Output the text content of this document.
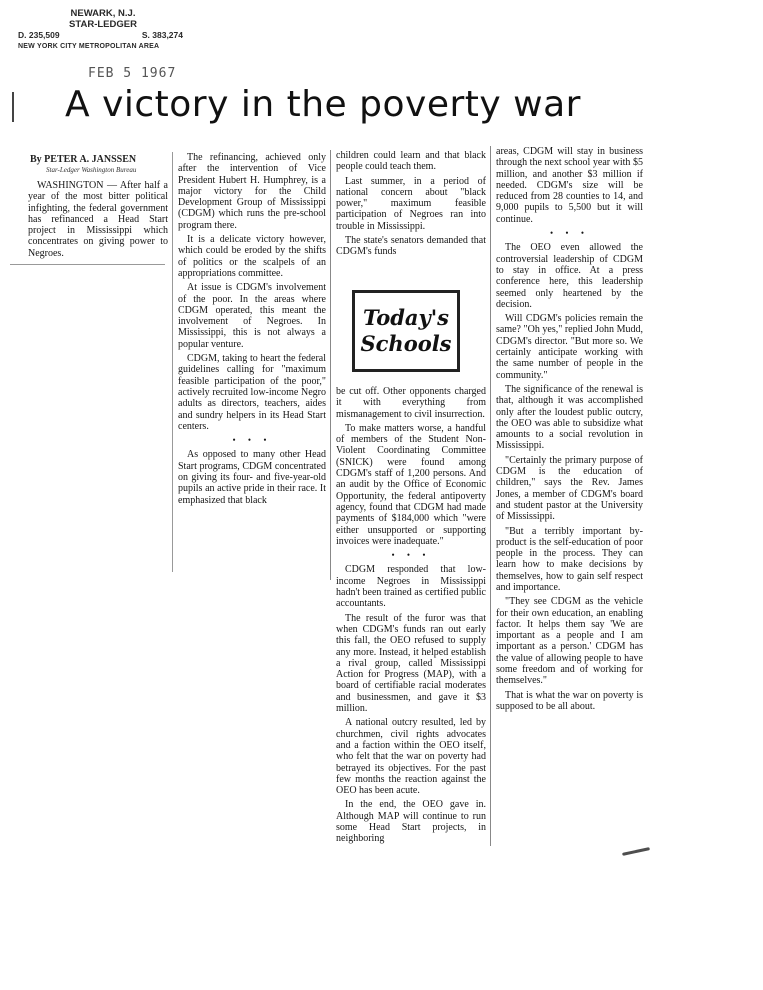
NEWARK, N.J.
STAR-LEDGER
D. 235,509	S. 383,274
NEW YORK CITY METROPOLITAN AREA
FEB 5 1967
A victory in the poverty war
By PETER A. JANSSEN
Star-Ledger Washington Bureau

WASHINGTON — After half a year of the most bitter political infighting, the federal government has refinanced a Head Start project in Mississippi which concentrates on giving power to Negroes.

The refinancing, achieved only after the intervention of Vice President Hubert H. Humphrey, is a major victory for the Child Development Group of Mississippi (CDGM) which runs the pre-school program there.

It is a delicate victory however, which could be eroded by the shifts of politics or the scalpels of an appropriations committee.

At issue is CDGM's involvement of the poor. In the areas where CDGM operated, this meant the involvement of Negroes. In Mississippi, this is not always a popular venture.

CDGM, taking to heart the federal guidelines calling for "maximum feasible participation of the poor," actively recruited low-income Negro adults as directors, teachers, aides and sundry helpers in its Head Start centers.

• • •

As opposed to many other Head Start programs, CDGM concentrated on giving its four- and five-year-old pupils an active pride in their race. It emphasized that black

children could learn and that black people could teach them.

Last summer, in a period of national concern about "black power," maximum feasible participation of Negroes ran into trouble in Mississippi.

The state's senators demanded that CDGM's funds

Today's
Schools

be cut off. Other opponents charged it with everything from mismanagement to civil insurrection.

To make matters worse, a handful of members of the Student Non-Violent Coordinating Committee (SNICK) were found among CDGM's staff of 1,200 persons. And an audit by the Office of Economic Opportunity, the federal antipoverty agency, found that CDGM had made payments of $184,000 which "were either unsupported or supporting invoices were inadequate."

• • •

CDGM responded that low-income Negroes in Mississippi hadn't been trained as certified public accountants.

The result of the furor was that when CDGM's funds ran out early this fall, the OEO refused to supply any more. Instead, it helped establish a rival group, called Mississippi Action for Progress (MAP), with a board of certifiable racial moderates and businessmen, and gave it $3 million.

A national outcry resulted, led by churchmen, civil rights advocates and a faction within the OEO itself, who felt that the war on poverty had betrayed its objectives. For the past few months the reaction against the OEO has been acute.

In the end, the OEO gave in. Although MAP will continue to run some Head Start projects, in neighboring

areas, CDGM will stay in business through the next school year with $5 million, and another $3 million if needed. CDGM's size will be reduced from 28 counties to 14, and 9,000 pupils to 5,500 but it will continue.

• • •

The OEO even allowed the controversial leadership of CDGM to stay in office. At a press conference here, this leadership seemed only heartened by the decision.

Will CDGM's policies remain the same? "Oh yes," replied John Mudd, CDGM's director. "But more so. We certainly anticipate working with the same number of people in the community."

The significance of the renewal is that, although it was accomplished only after the loudest public outcry, the OEO was able to subsidize what amounts to a social revolution in Mississippi.

"Certainly the primary purpose of CDGM is the education of children," says the Rev. James Jones, a member of CDGM's board and student pastor at the University of Mississippi.

"But a terribly important by-product is the self-education of poor people in the process. They can learn how to make decisions by themselves, how to gain self respect and importance.

"They see CDGM as the vehicle for their own education, an enabling factor. It helps them say 'We are important as a people and I am important as a person.' CDGM has the value of allowing people to have some freedom and of working for themselves."

That is what the war on poverty is supposed to be all about.
